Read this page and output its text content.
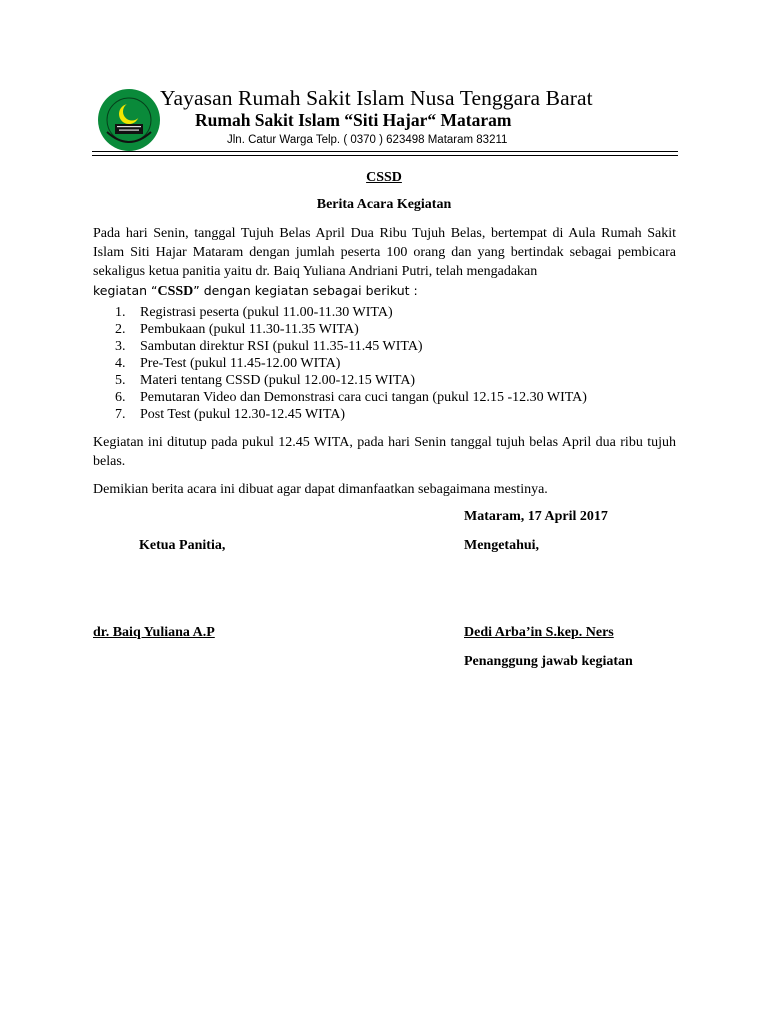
Yayasan Rumah Sakit Islam Nusa Tenggara Barat
Rumah Sakit Islam “Siti Hajar“ Mataram
Jln. Catur Warga Telp. ( 0370 ) 623498 Mataram 83211
CSSD
Berita Acara Kegiatan
Pada hari Senin, tanggal Tujuh Belas April Dua Ribu Tujuh Belas, bertempat di Aula Rumah Sakit Islam Siti Hajar Mataram dengan jumlah peserta 100 orang dan yang bertindak sebagai pembicara sekaligus ketua panitia yaitu dr. Baiq Yuliana Andriani Putri, telah mengadakan
kegiatan “CSSD” dengan kegiatan sebagai berikut :
1. Registrasi peserta (pukul 11.00-11.30 WITA)
2. Pembukaan (pukul 11.30-11.35 WITA)
3. Sambutan direktur RSI (pukul 11.35-11.45 WITA)
4. Pre-Test (pukul 11.45-12.00 WITA)
5. Materi tentang CSSD (pukul 12.00-12.15 WITA)
6. Pemutaran Video dan Demonstrasi cara cuci tangan (pukul 12.15 -12.30 WITA)
7. Post Test (pukul 12.30-12.45 WITA)
Kegiatan ini ditutup pada pukul 12.45 WITA, pada hari Senin tanggal tujuh belas April dua ribu tujuh belas.
Demikian berita acara ini dibuat agar dapat dimanfaatkan sebagaimana mestinya.
Mataram, 17 April 2017
Ketua Panitia,	Mengetahui,
dr. Baiq Yuliana A.P	Dedi Arba’in S.kep. Ners
Penanggung jawab kegiatan
